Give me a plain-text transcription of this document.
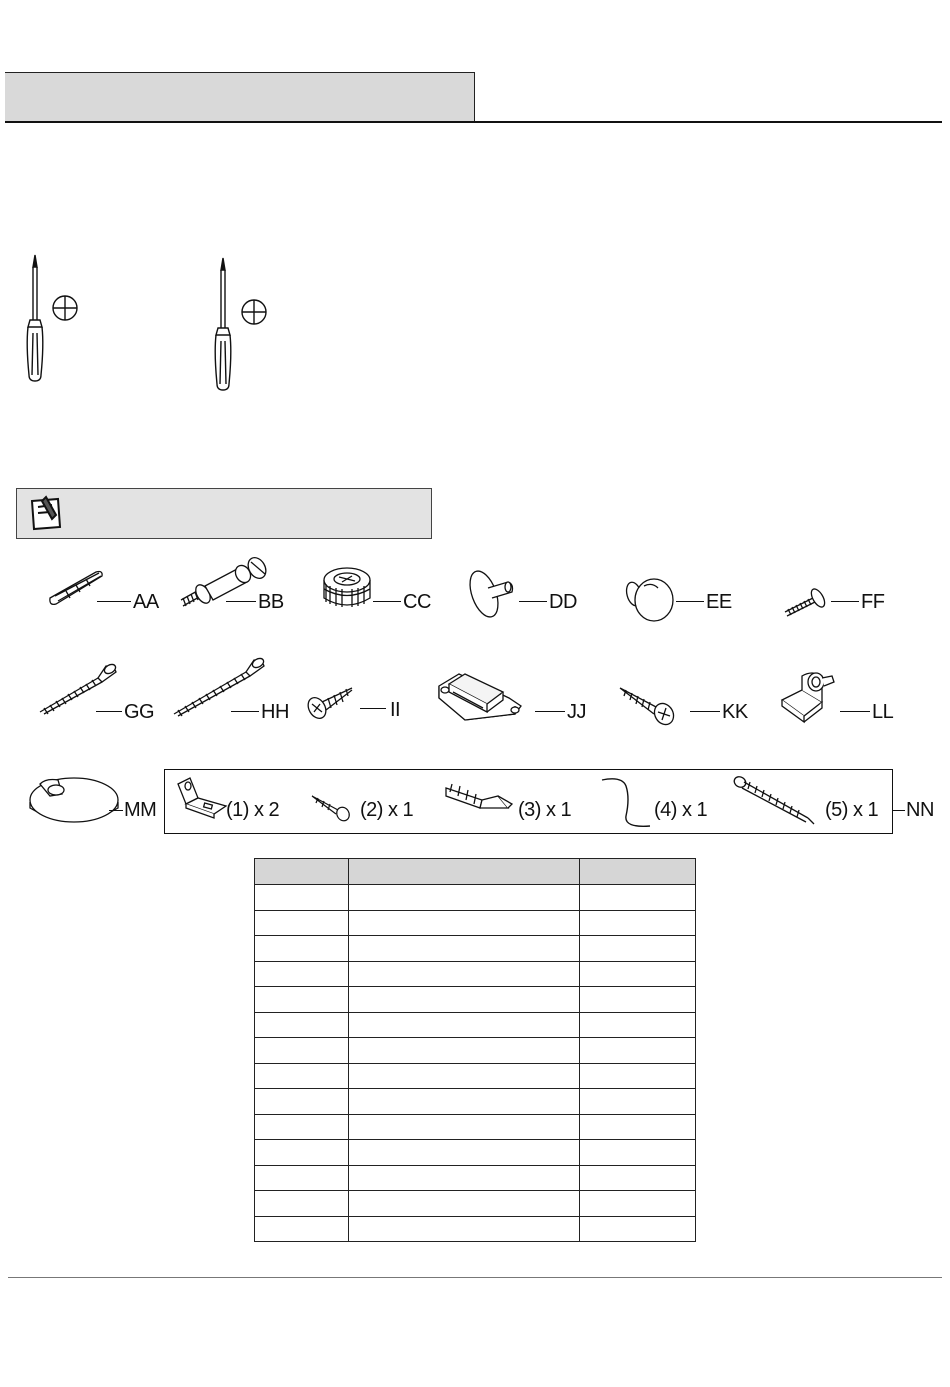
AA	BB	CC	DD	EE	FF
GG	HH	II	JJ	KK	LL
MM	(1) x 2	(2) x 1	(3) x 1	(4) x 1	(5) x 1 NN
